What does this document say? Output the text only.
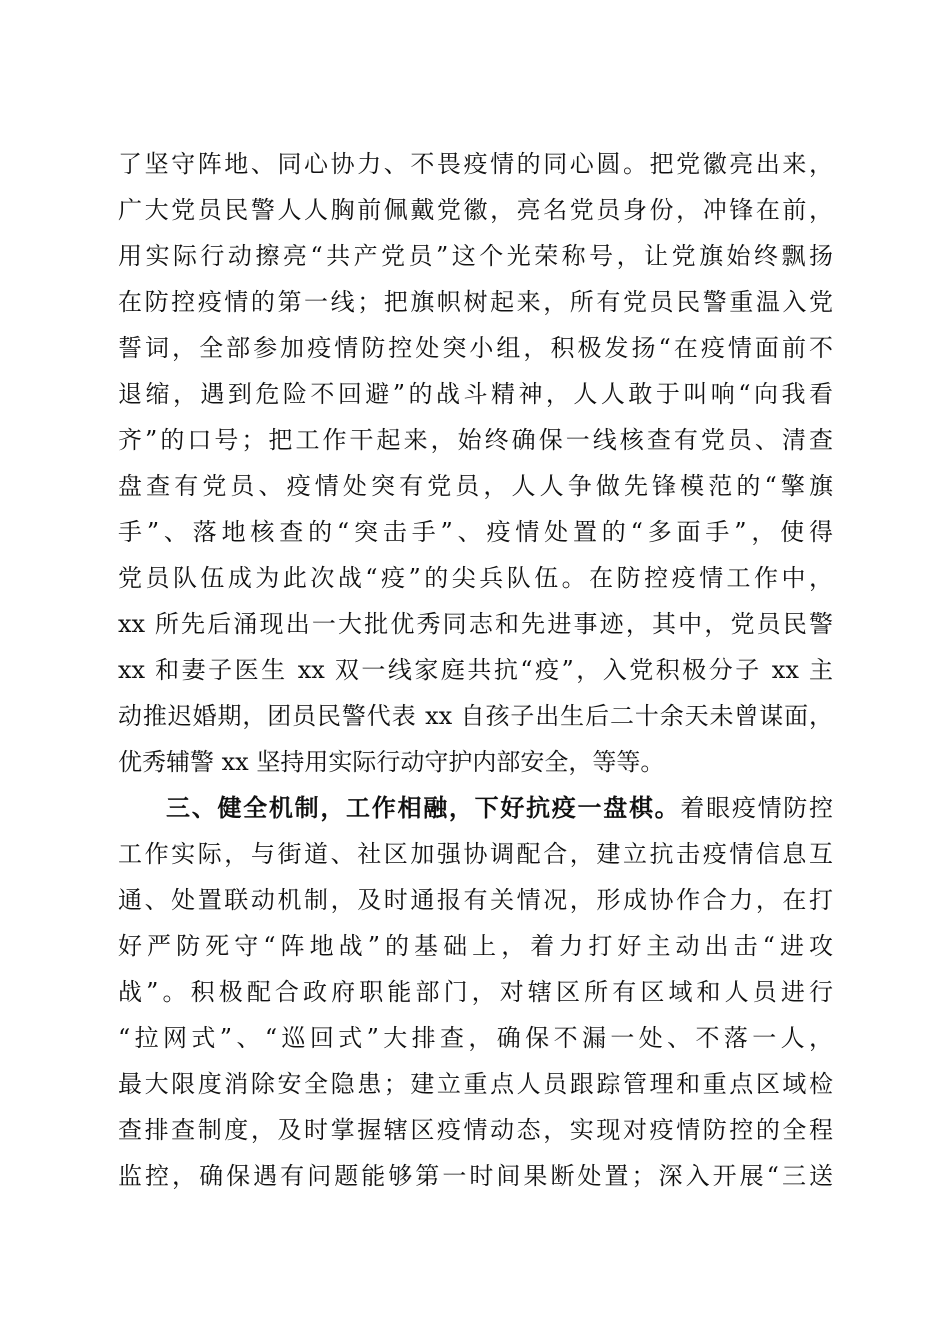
了坚守阵地、同心协力、不畏疫情的同心圆。把党徽亮出来，
广大党员民警人人胸前佩戴党徽，亮名党员身份，冲锋在前，
用实际行动擦亮“共产党员”这个光荣称号，让党旗始终飘扬
在防控疫情的第一线；把旗帜树起来，所有党员民警重温入党
誓词，全部参加疫情防控处突小组，积极发扬“在疫情面前不
退缩，遇到危险不回避”的战斗精神，人人敢于叫响“向我看
齐”的口号；把工作干起来，始终确保一线核查有党员、清查
盘查有党员、疫情处突有党员，人人争做先锋模范的“擎旗
手”、落地核查的“突击手”、疫情处置的“多面手”，使得
党员队伍成为此次战“疫”的尖兵队伍。在防控疫情工作中，
xx 所先后涌现出一大批优秀同志和先进事迹，其中，党员民警
xx 和妻子医生 xx 双一线家庭共抗“疫”，入党积极分子 xx 主
动推迟婚期，团员民警代表 xx 自孩子出生后二十余天未曾谋面，
优秀辅警 xx 坚持用实际行动守护内部安全，等等。
三、健全机制，工作相融，下好抗疫一盘棋。着眼疫情防控
工作实际，与街道、社区加强协调配合，建立抗击疫情信息互
通、处置联动机制，及时通报有关情况，形成协作合力，在打
好严防死守“阵地战”的基础上，着力打好主动出击“进攻
战”。积极配合政府职能部门，对辖区所有区域和人员进行
“拉网式”、“巡回式”大排查，确保不漏一处、不落一人，
最大限度消除安全隐患；建立重点人员跟踪管理和重点区域检
查排查制度，及时掌握辖区疫情动态，实现对疫情防控的全程
监控，确保遇有问题能够第一时间果断处置；深入开展“三送
